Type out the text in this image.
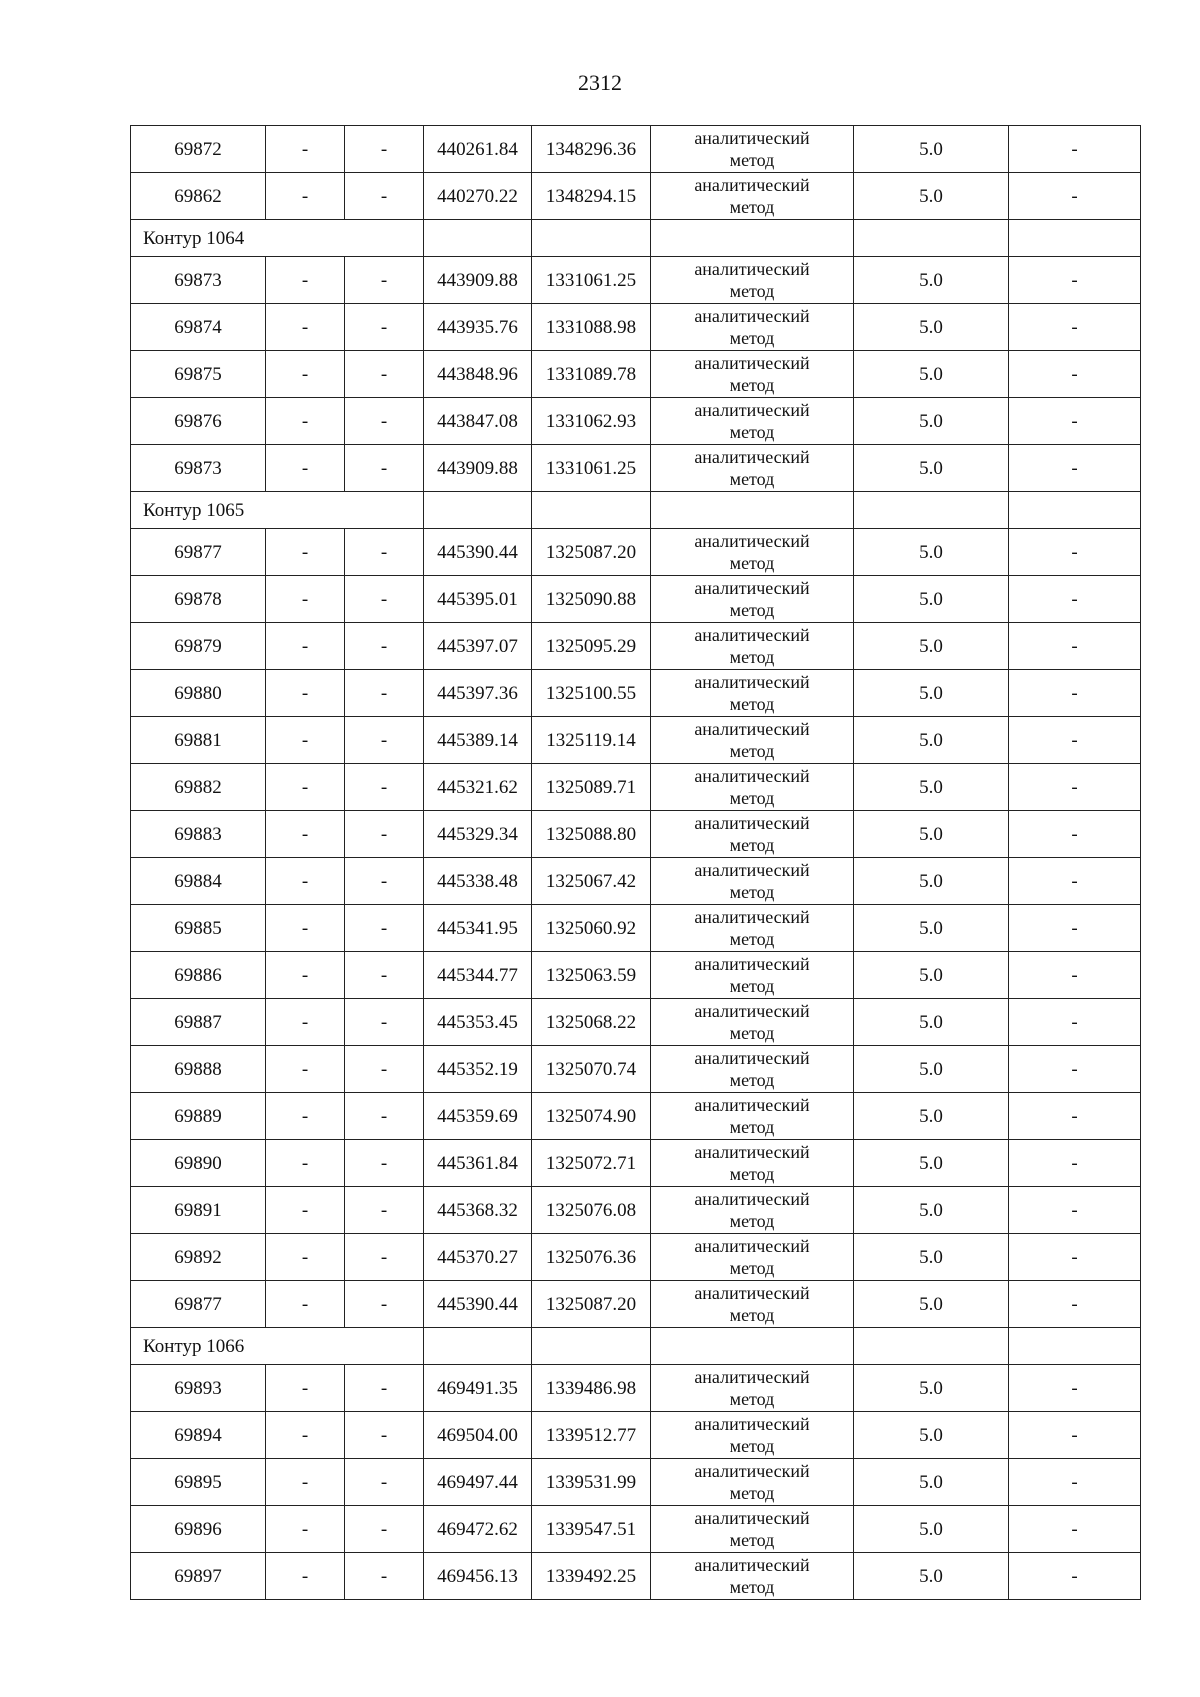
2312
69872	-	-	440261.84	1348296.36	аналитический
метод	5.0	-
69862	-	-	440270.22	1348294.15	аналитический
метод	5.0	-
Контур 1064							
69873	-	-	443909.88	1331061.25	аналитический
метод	5.0	-
69874	-	-	443935.76	1331088.98	аналитический
метод	5.0	-
69875	-	-	443848.96	1331089.78	аналитический
метод	5.0	-
69876	-	-	443847.08	1331062.93	аналитический
метод	5.0	-
69873	-	-	443909.88	1331061.25	аналитический
метод	5.0	-
Контур 1065							
69877	-	-	445390.44	1325087.20	аналитический
метод	5.0	-
69878	-	-	445395.01	1325090.88	аналитический
метод	5.0	-
69879	-	-	445397.07	1325095.29	аналитический
метод	5.0	-
69880	-	-	445397.36	1325100.55	аналитический
метод	5.0	-
69881	-	-	445389.14	1325119.14	аналитический
метод	5.0	-
69882	-	-	445321.62	1325089.71	аналитический
метод	5.0	-
69883	-	-	445329.34	1325088.80	аналитический
метод	5.0	-
69884	-	-	445338.48	1325067.42	аналитический
метод	5.0	-
69885	-	-	445341.95	1325060.92	аналитический
метод	5.0	-
69886	-	-	445344.77	1325063.59	аналитический
метод	5.0	-
69887	-	-	445353.45	1325068.22	аналитический
метод	5.0	-
69888	-	-	445352.19	1325070.74	аналитический
метод	5.0	-
69889	-	-	445359.69	1325074.90	аналитический
метод	5.0	-
69890	-	-	445361.84	1325072.71	аналитический
метод	5.0	-
69891	-	-	445368.32	1325076.08	аналитический
метод	5.0	-
69892	-	-	445370.27	1325076.36	аналитический
метод	5.0	-
69877	-	-	445390.44	1325087.20	аналитический
метод	5.0	-
Контур 1066							
69893	-	-	469491.35	1339486.98	аналитический
метод	5.0	-
69894	-	-	469504.00	1339512.77	аналитический
метод	5.0	-
69895	-	-	469497.44	1339531.99	аналитический
метод	5.0	-
69896	-	-	469472.62	1339547.51	аналитический
метод	5.0	-
69897	-	-	469456.13	1339492.25	аналитический
метод	5.0	-
